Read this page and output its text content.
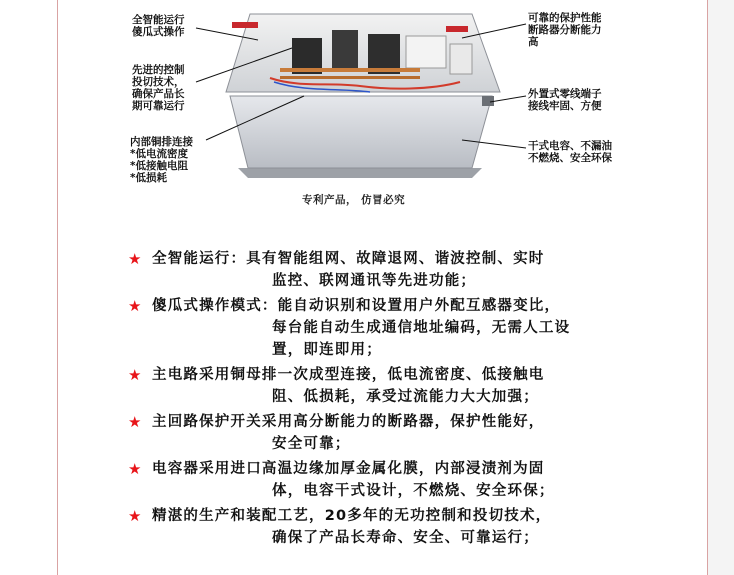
全智能运行
傻瓜式操作
先进的控制
投切技术，
确保产品长
期可靠运行
内部铜排连接
*低电流密度
*低接触电阻
*低损耗
可靠的保护性能
断路器分断能力
高
外置式零线端子
接线牢固、方便
干式电容、不漏油
不燃烧、安全环保
专利产品， 仿冒必究
★ 全智能运行：具有智能组网、故障退网、谐波控制、实时
监控、联网通讯等先进功能；
★ 傻瓜式操作模式：能自动识别和设置用户外配互感器变比，
每台能自动生成通信地址编码，无需人工设
置，即连即用；
★ 主电路采用铜母排一次成型连接，低电流密度、低接触电
阻、低损耗，承受过流能力大大加强；
★ 主回路保护开关采用高分断能力的断路器，保护性能好，
安全可靠；
★ 电容器采用进口高温边缘加厚金属化膜，内部浸渍剂为固
体，电容干式设计，不燃烧、安全环保；
★ 精湛的生产和装配工艺，20多年的无功控制和投切技术，
确保了产品长寿命、安全、可靠运行；
